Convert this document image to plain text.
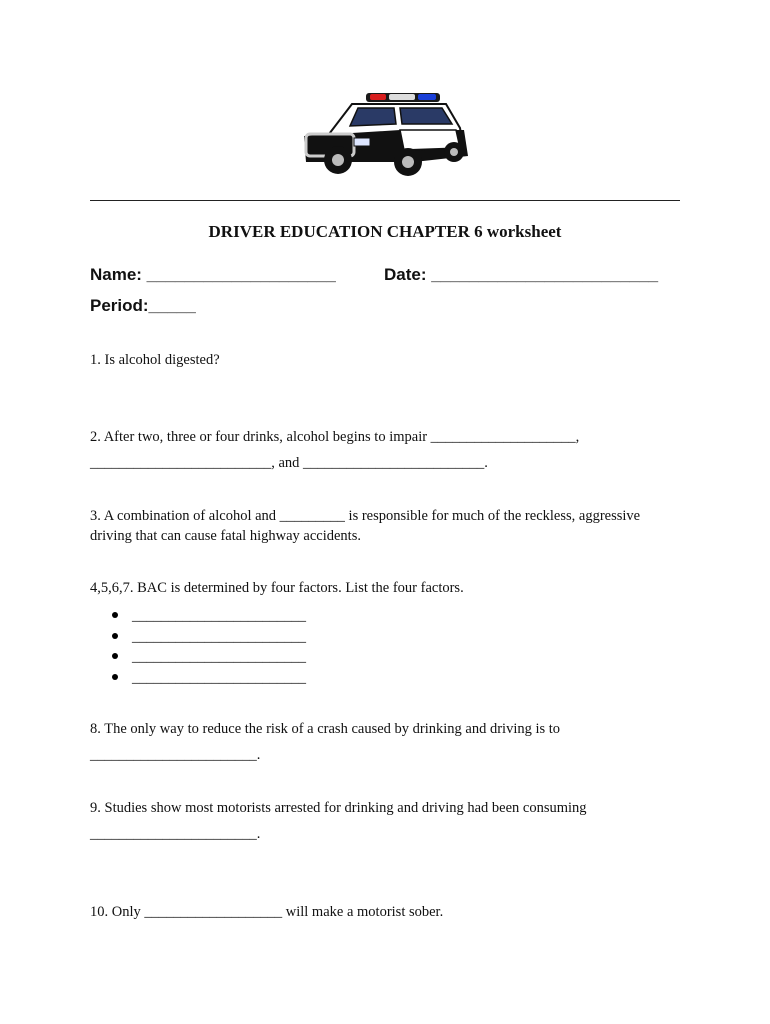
DRIVER EDUCATION CHAPTER 6 worksheet
Name: ____________________	Date: ________________________
Period:_____
1. Is alcohol digested?
2. After two, three or four drinks, alcohol begins to impair ____________________,
_________________________, and _________________________.
3. A combination of alcohol and _________ is responsible for much of the reckless, aggressive
driving that can cause fatal highway accidents.
4,5,6,7. BAC is determined by four factors. List the four factors.
________________________
________________________
________________________
________________________
8. The only way to reduce the risk of a crash caused by drinking and driving is to
_______________________.
9. Studies show most motorists arrested for drinking and driving had been consuming
_______________________.
10. Only ___________________ will make a motorist sober.
